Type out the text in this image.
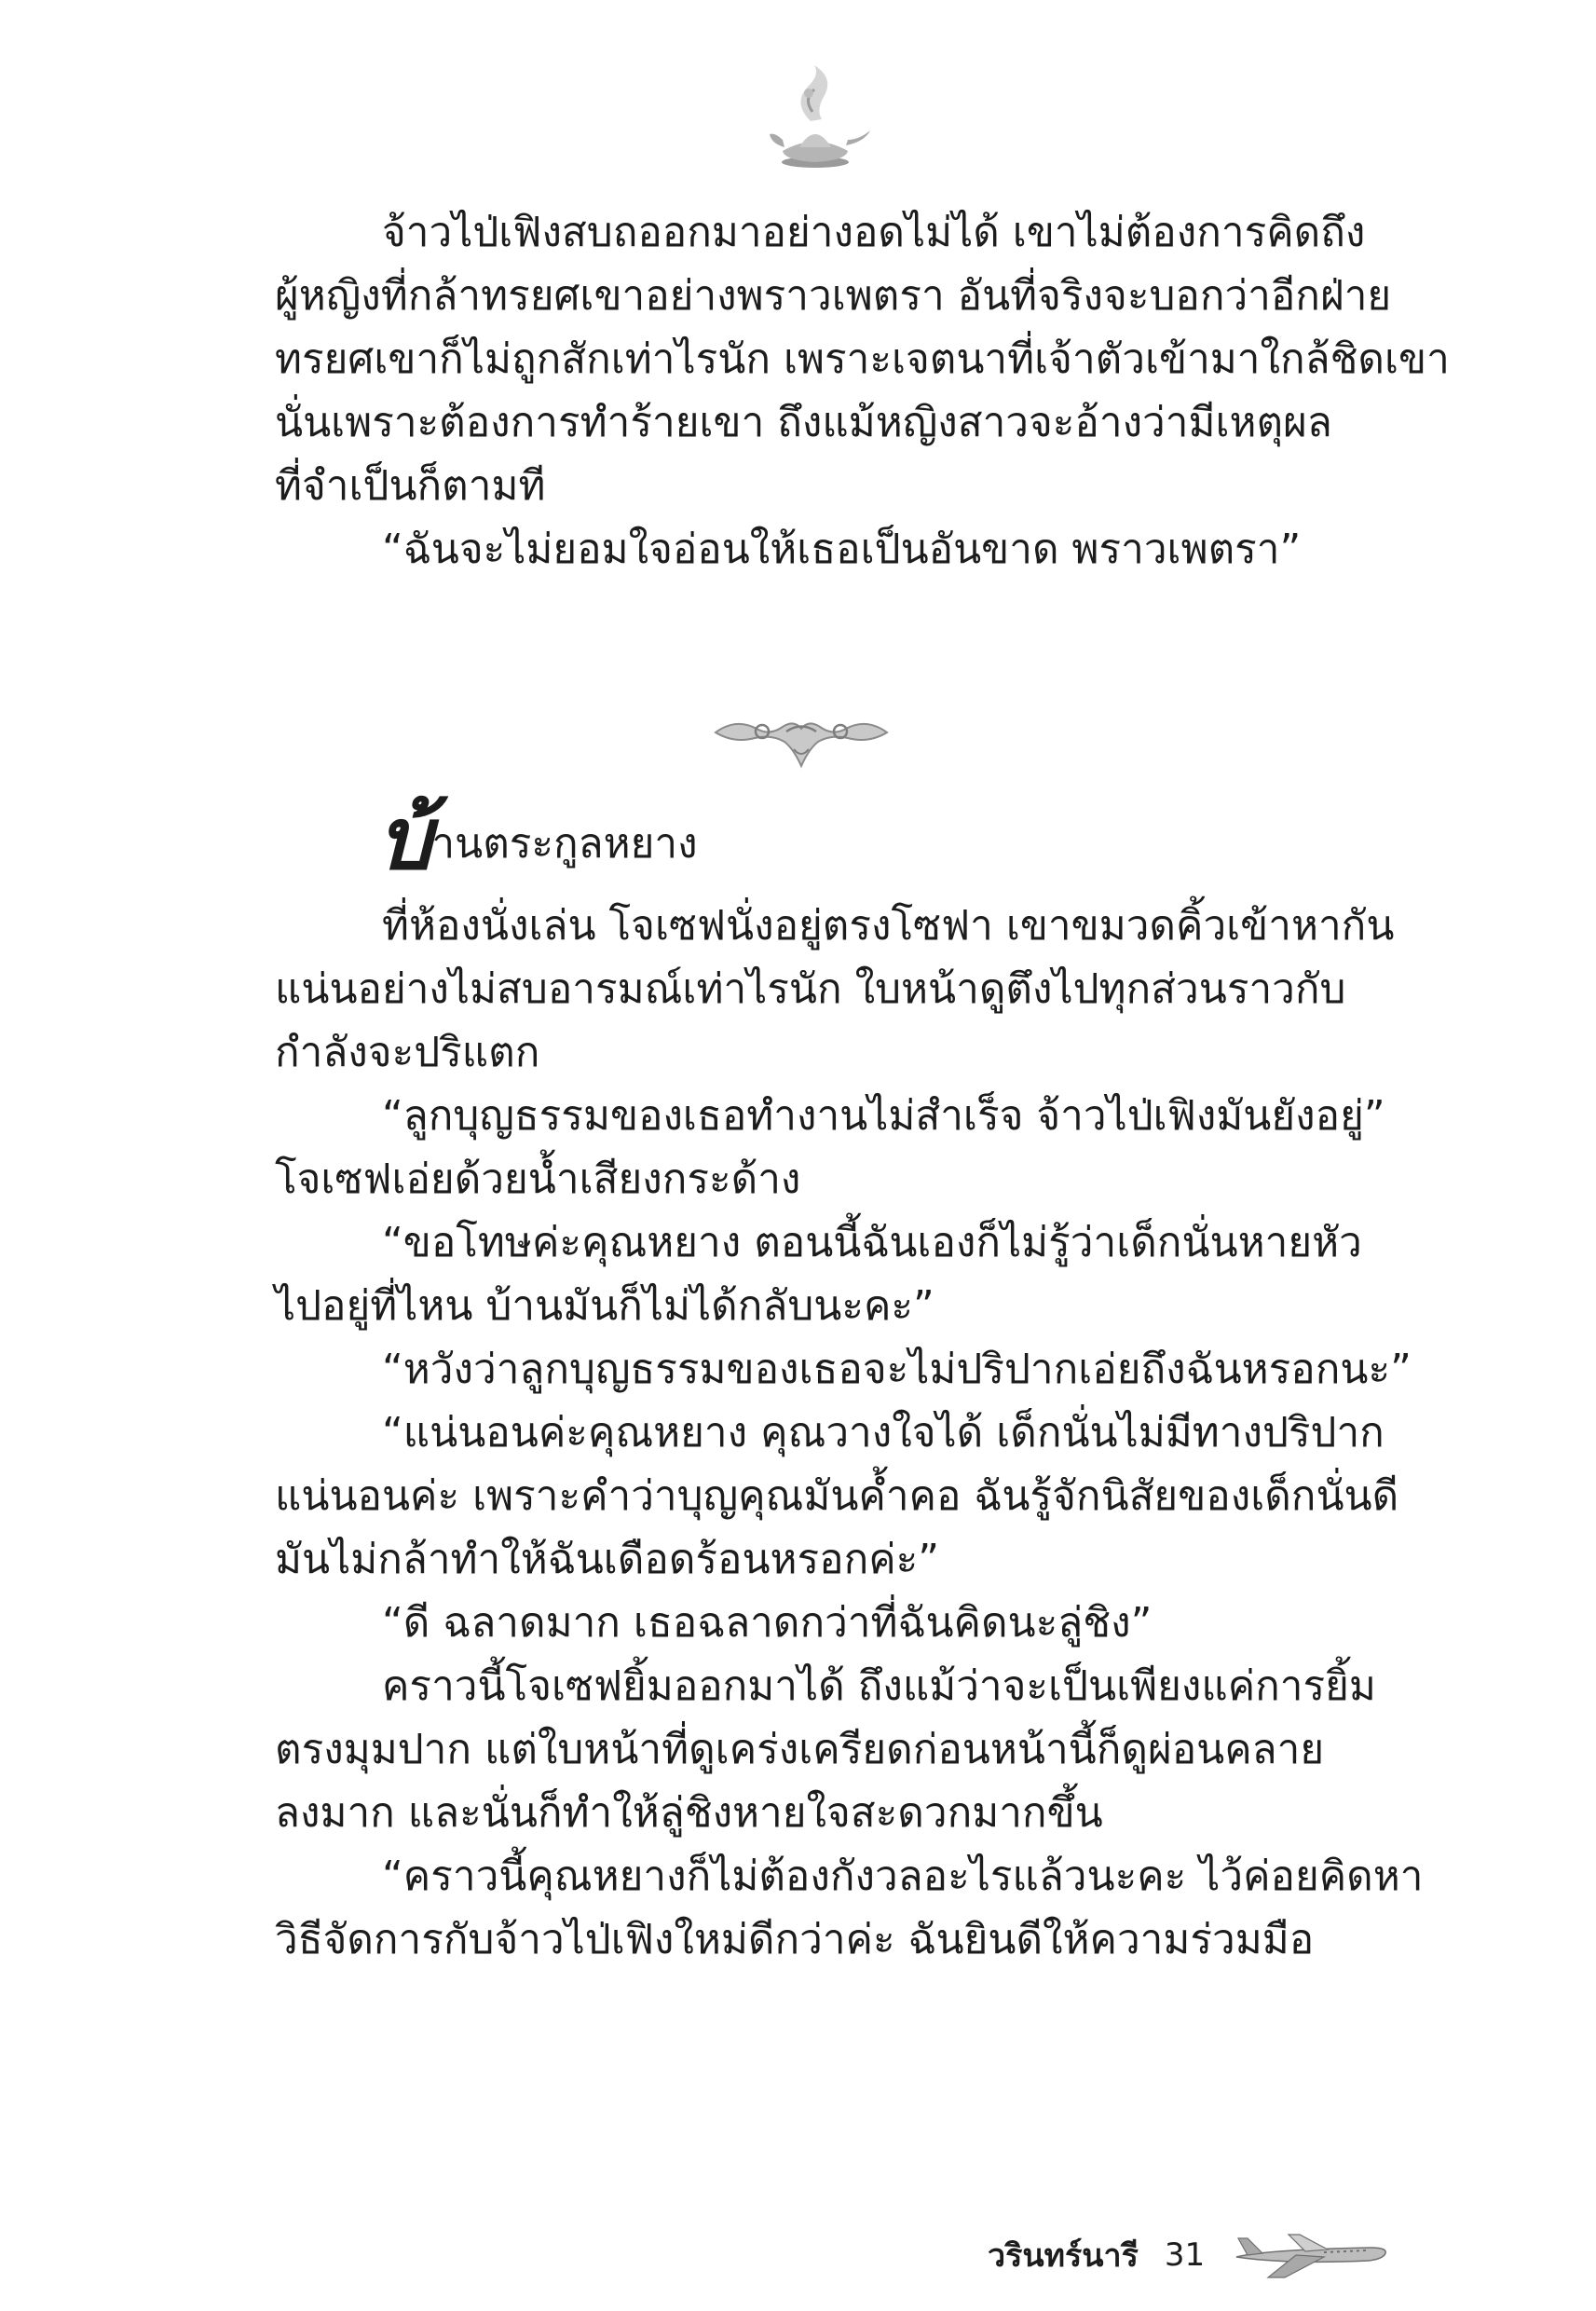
จ้าวไป่เฟิงสบถออกมาอย่างอดไม่ได้ เขาไม่ต้องการคิดถึง

ผู้หญิงที่กล้าทรยศเขาอย่างพราวเพตรา อันที่จริงจะบอกว่าอีกฝ่าย

ทรยศเขาก็ไม่ถูกสักเท่าไรนัก เพราะเจตนาที่เจ้าตัวเข้ามาใกล้ชิดเขา

นั่นเพราะต้องการทำร้ายเขา ถึงแม้หญิงสาวจะอ้างว่ามีเหตุผล

ที่จำเป็นก็ตามที

“ฉันจะไม่ยอมใจอ่อนให้เธอเป็นอันขาด พราวเพตรา”

บ้ านตระกูลหยาง

ที่ห้องนั่งเล่น โจเซฟนั่งอยู่ตรงโซฟา เขาขมวดคิ้วเข้าหากัน

แน่นอย่างไม่สบอารมณ์เท่าไรนัก ใบหน้าดูตึงไปทุกส่วนราวกับ

กำลังจะปริแตก

“ลูกบุญธรรมของเธอทำงานไม่สำเร็จ จ้าวไป่เฟิงมันยังอยู่”

โจเซฟเอ่ยด้วยน้ำเสียงกระด้าง

“ขอโทษค่ะคุณหยาง ตอนนี้ฉันเองก็ไม่รู้ว่าเด็กนั่นหายหัว

ไปอยู่ที่ไหน บ้านมันก็ไม่ได้กลับนะคะ”

“หวังว่าลูกบุญธรรมของเธอจะไม่ปริปากเอ่ยถึงฉันหรอกนะ”

“แน่นอนค่ะคุณหยาง คุณวางใจได้ เด็กนั่นไม่มีทางปริปาก

แน่นอนค่ะ เพราะคำว่าบุญคุณมันค้ำคอ ฉันรู้จักนิสัยของเด็กนั่นดี

มันไม่กล้าทำให้ฉันเดือดร้อนหรอกค่ะ”

“ดี ฉลาดมาก เธอฉลาดกว่าที่ฉันคิดนะลู่ชิง”

คราวนี้โจเซฟยิ้มออกมาได้ ถึงแม้ว่าจะเป็นเพียงแค่การยิ้ม

ตรงมุมปาก แต่ใบหน้าที่ดูเคร่งเครียดก่อนหน้านี้ก็ดูผ่อนคลาย

ลงมาก และนั่นก็ทำให้ลู่ชิงหายใจสะดวกมากขึ้น

“คราวนี้คุณหยางก็ไม่ต้องกังวลอะไรแล้วนะคะ ไว้ค่อยคิดหา

วิธีจัดการกับจ้าวไป่เฟิงใหม่ดีกว่าค่ะ ฉันยินดีให้ความร่วมมือ

วรินทร์นารี 31
